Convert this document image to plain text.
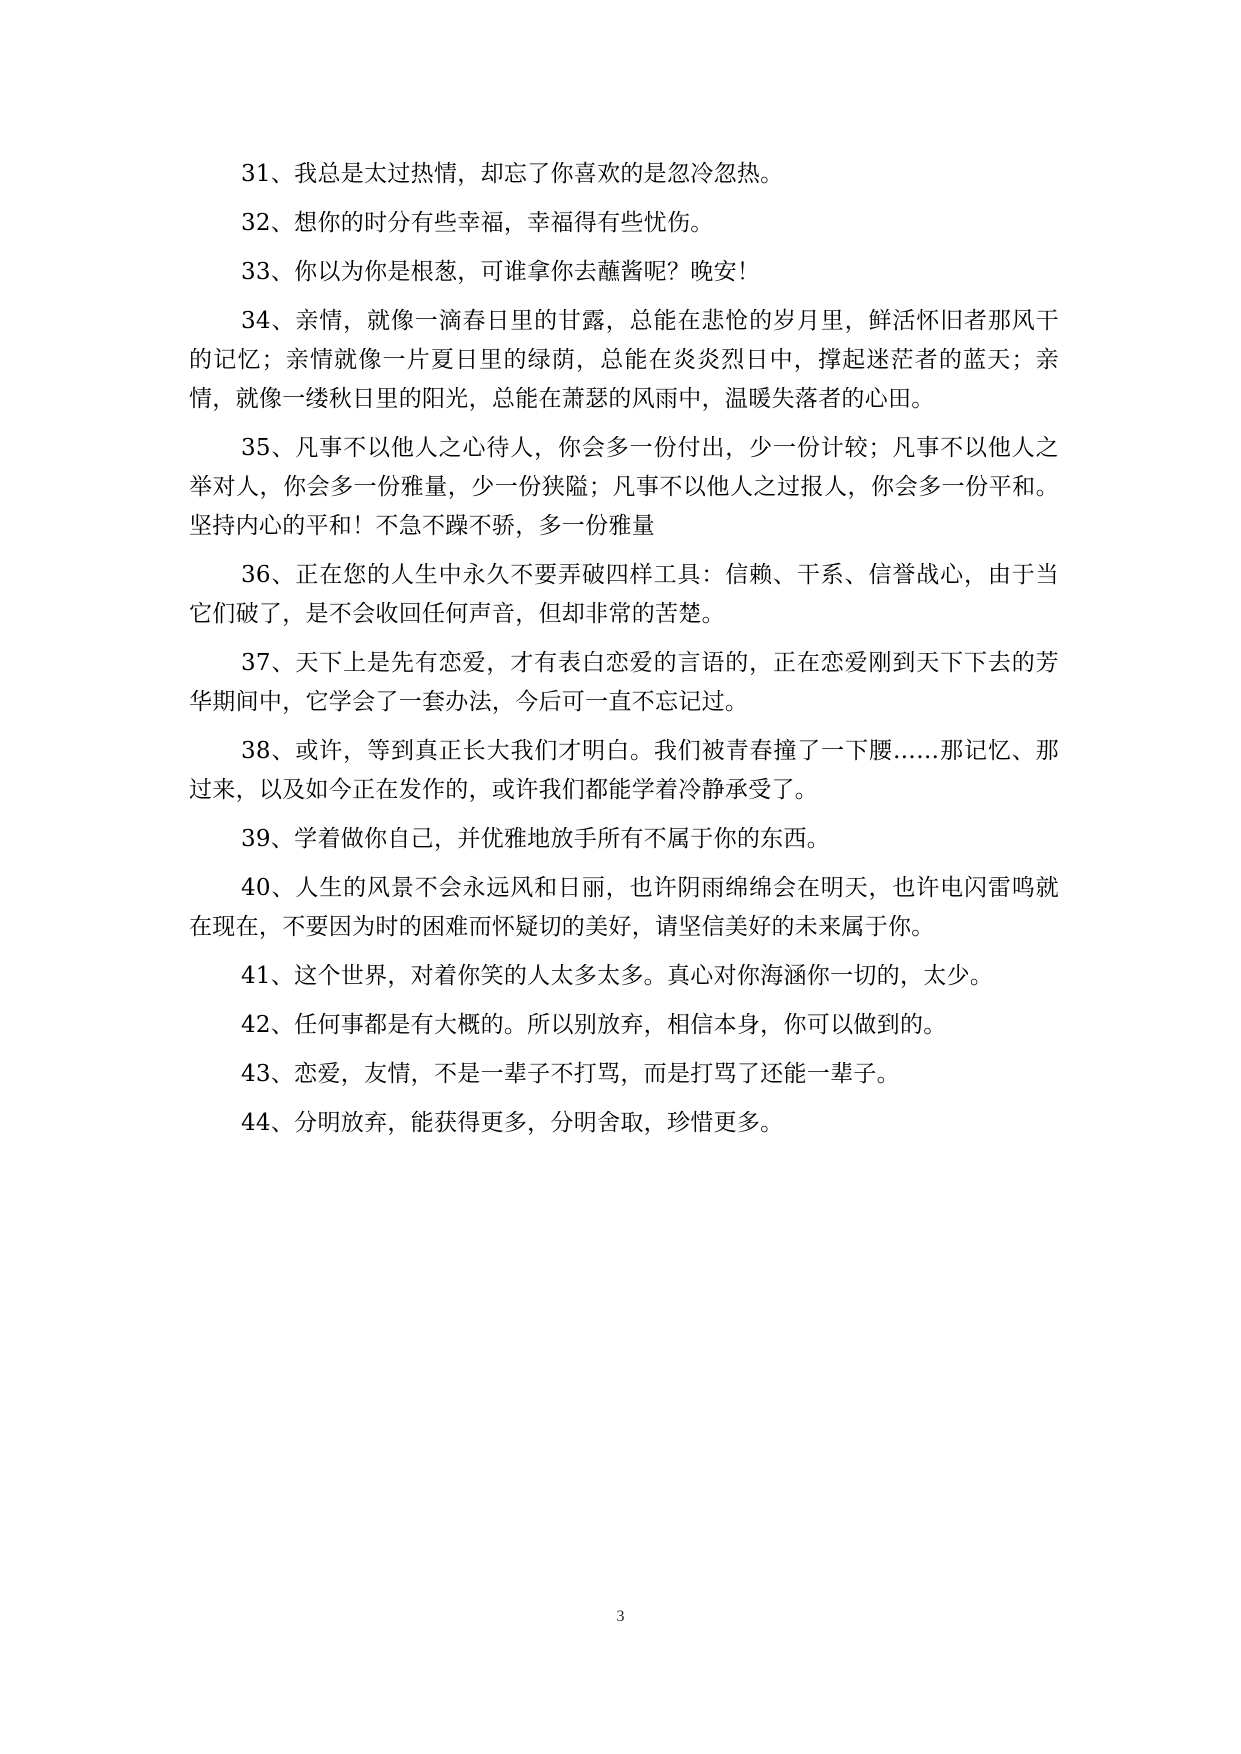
31、我总是太过热情，却忘了你喜欢的是忽冷忽热。

32、想你的时分有些幸福，幸福得有些忧伤。

33、你以为你是根葱，可谁拿你去蘸酱呢？晚安！

34、亲情，就像一滴春日里的甘露，总能在悲怆的岁月里，鲜活怀旧者那风干的记忆；亲情就像一片夏日里的绿荫，总能在炎炎烈日中，撑起迷茫者的蓝天；亲情，就像一缕秋日里的阳光，总能在萧瑟的风雨中，温暖失落者的心田。

35、凡事不以他人之心待人，你会多一份付出，少一份计较；凡事不以他人之举对人，你会多一份雅量，少一份狭隘；凡事不以他人之过报人，你会多一份平和。坚持内心的平和！不急不躁不骄，多一份雅量

36、正在您的人生中永久不要弄破四样工具：信赖、干系、信誉战心，由于当它们破了，是不会收回任何声音，但却非常的苦楚。

37、天下上是先有恋爱，才有表白恋爱的言语的，正在恋爱刚到天下下去的芳华期间中，它学会了一套办法，今后可一直不忘记过。

38、或许，等到真正长大我们才明白。我们被青春撞了一下腰……那记忆、那过来，以及如今正在发作的，或许我们都能学着冷静承受了。

39、学着做你自己，并优雅地放手所有不属于你的东西。

40、人生的风景不会永远风和日丽，也许阴雨绵绵会在明天，也许电闪雷鸣就在现在，不要因为时的困难而怀疑切的美好，请坚信美好的未来属于你。

41、这个世界，对着你笑的人太多太多。真心对你海涵你一切的，太少。

42、任何事都是有大概的。所以别放弃，相信本身，你可以做到的。

43、恋爱，友情，不是一辈子不打骂，而是打骂了还能一辈子。

44、分明放弃，能获得更多，分明舍取，珍惜更多。

3
